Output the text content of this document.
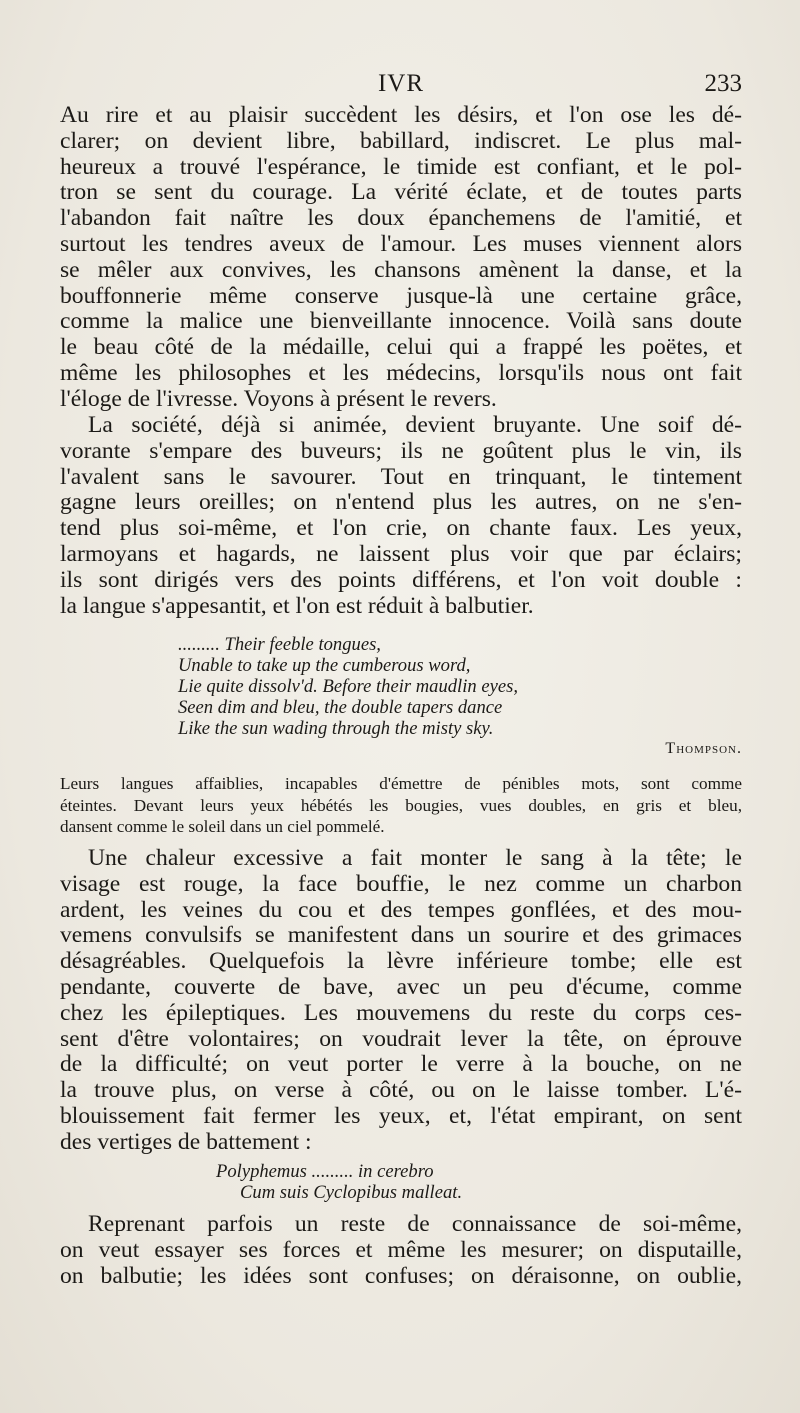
IVR	233
Au rire et au plaisir succèdent les désirs, et l'on ose les dé-
clarer; on devient libre, babillard, indiscret. Le plus mal-
heureux a trouvé l'espérance, le timide est confiant, et le pol-
tron se sent du courage. La vérité éclate, et de toutes parts
l'abandon fait naître les doux épanchemens de l'amitié, et
surtout les tendres aveux de l'amour. Les muses viennent alors
se mêler aux convives, les chansons amènent la danse, et la
bouffonnerie même conserve jusque-là une certaine grâce,
comme la malice une bienveillante innocence. Voilà sans doute
le beau côté de la médaille, celui qui a frappé les poëtes, et
même les philosophes et les médecins, lorsqu'ils nous ont fait
l'éloge de l'ivresse. Voyons à présent le revers.
La société, déjà si animée, devient bruyante. Une soif dé-
vorante s'empare des buveurs; ils ne goûtent plus le vin, ils
l'avalent sans le savourer. Tout en trinquant, le tintement
gagne leurs oreilles; on n'entend plus les autres, on ne s'en-
tend plus soi-même, et l'on crie, on chante faux. Les yeux,
larmoyans et hagards, ne laissent plus voir que par éclairs;
ils sont dirigés vers des points différens, et l'on voit double :
la langue s'appesantit, et l'on est réduit à balbutier.
......... Their feeble tongues,
Unable to take up the cumberous word,
Lie quite dissolv'd. Before their maudlin eyes,
Seen dim and bleu, the double tapers dance
Like the sun wading through the misty sky.
Thompson.
Leurs langues affaiblies, incapables d'émettre de pénibles mots, sont comme
éteintes. Devant leurs yeux hébétés les bougies, vues doubles, en gris et bleu,
dansent comme le soleil dans un ciel pommelé.
Une chaleur excessive a fait monter le sang à la tête; le
visage est rouge, la face bouffie, le nez comme un charbon
ardent, les veines du cou et des tempes gonflées, et des mou-
vemens convulsifs se manifestent dans un sourire et des grimaces
désagréables. Quelquefois la lèvre inférieure tombe; elle est
pendante, couverte de bave, avec un peu d'écume, comme
chez les épileptiques. Les mouvemens du reste du corps ces-
sent d'être volontaires; on voudrait lever la tête, on éprouve
de la difficulté; on veut porter le verre à la bouche, on ne
la trouve plus, on verse à côté, ou on le laisse tomber. L'é-
blouissement fait fermer les yeux, et, l'état empirant, on sent
des vertiges de battement :
Polyphemus ......... in cerebro
Cum suis Cyclopibus malleat.
Reprenant parfois un reste de connaissance de soi-même,
on veut essayer ses forces et même les mesurer; on disputaille,
on balbutie; les idées sont confuses; on déraisonne, on oublie,
